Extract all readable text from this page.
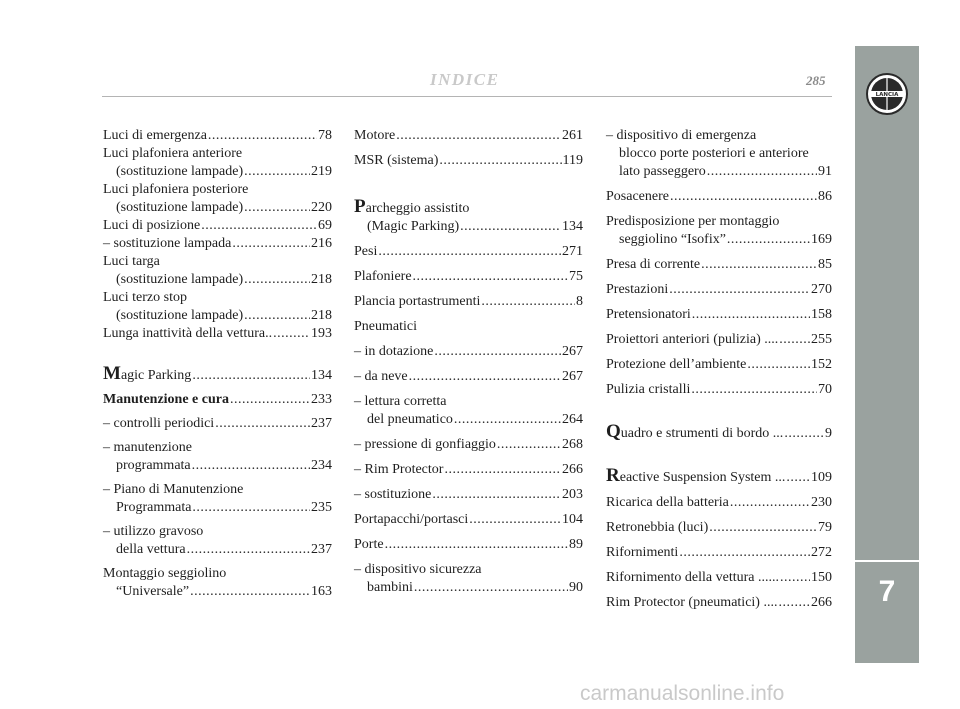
LANCIA
7
INDICE	285
Luci di emergenza .....	78
Luci plafoniera anteriore
(sostituzione lampade) .....	219
Luci plafoniera posteriore
(sostituzione lampade) .....	220
Luci di posizione .....	69
– sostituzione lampada .....	216
Luci targa
(sostituzione lampade) .....	218
Luci terzo stop
(sostituzione lampade) .....	218
Lunga inattività della vettura.. .....	193
Magic Parking .....	134
Manutenzione e cura .....	233
– controlli periodici .....	237
– manutenzione
programmata .....	234
– Piano di Manutenzione
Programmata .....	235
– utilizzo gravoso
della vettura .....	237
Montaggio seggiolino
“Universale” .....	163
Motore .....	261
MSR (sistema) .....	119
Parcheggio assistito
(Magic Parking) .....	134
Pesi .....	271
Plafoniere .....	75
Plancia portastrumenti .....	8
Pneumatici
– in dotazione .....	267
– da neve .....	267
– lettura corretta
del pneumatico .....	264
– pressione di gonfiaggio .....	268
– Rim Protector .....	266
– sostituzione .....	203
Portapacchi/portasci .....	104
Porte .....	89
– dispositivo sicurezza
bambini .....	90
– dispositivo di emergenza
blocco porte posteriori e anteriore
lato passeggero .....	91
Posacenere .....	86
Predisposizione per montaggio
seggiolino “Isofix” .....	169
Presa di corrente .....	85
Prestazioni .....	270
Pretensionatori .....	158
Proiettori anteriori (pulizia) .... ..... 255
Protezione dell’ambiente .....	152
Pulizia cristalli .....	70
Quadro e strumenti di bordo ... .....	9
Reactive Suspension System ... ..... 109
Ricarica della batteria .....	230
Retronebbia (luci) .....	79
Rifornimenti .....	272
Rifornimento della vettura ...... ..... 150
Rim Protector (pneumatici) .... ..... 266
carmanualsonline.info
